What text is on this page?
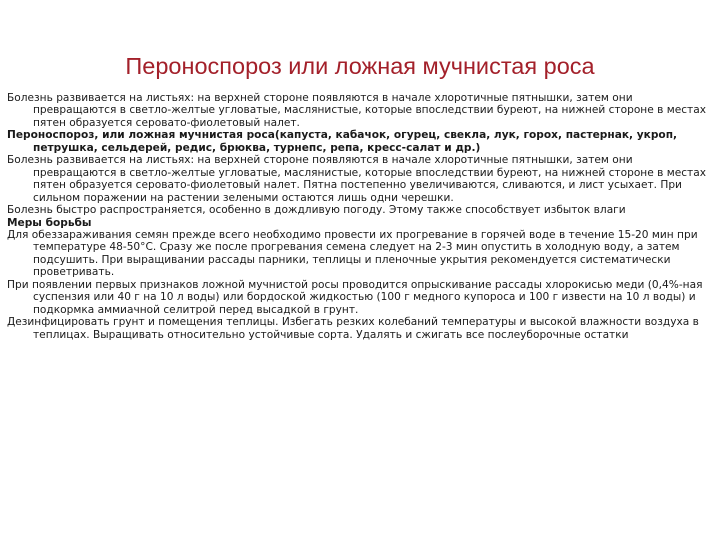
Пероноспороз или ложная мучнистая роса

Болезнь развивается на листьях: на верхней стороне появляются в начале хлоротичные пятнышки, затем они превращаются в светло-желтые угловатые, маслянистые, которые впоследствии буреют, на нижней стороне в местах пятен образуется серовато-фиолетовый налет.

Пероноспороз, или ложная мучнистая роса(капуста, кабачок, огурец, свекла, лук, горох, пастернак, укроп, петрушка, сельдерей, редис, брюква, турнепс, репа, кресс-салат и др.)

Болезнь развивается на листьях: на верхней стороне появляются в начале хлоротичные пятнышки, затем они превращаются в светло-желтые угловатые, маслянистые, которые впоследствии буреют, на нижней стороне в местах пятен образуется серовато-фиолетовый налет. Пятна постепенно увеличиваются, сливаются, и лист усыхает. При сильном поражении на растении зелеными остаются лишь одни черешки.

Болезнь быстро распространяется, особенно в дождливую погоду. Этому также способствует избыток влаги

Меры борьбы

Для обеззараживания семян прежде всего необходимо провести их прогревание в горячей воде в течение 15-20 мин при температуре 48-50°С. Сразу же после прогревания семена следует на 2-3 мин опустить в холодную воду, а затем подсушить. При выращивании рассады парники, теплицы и пленочные укрытия рекомендуется систематически проветривать.

При появлении первых признаков ложной мучнистой росы проводится опрыскивание рассады хлорокисью меди (0,4%-ная суспензия или 40 г на 10 л воды) или бордоской жидкостью (100 г медного купороса и 100 г извести на 10 л воды) и подкормка аммиачной селитрой перед высадкой в грунт.

Дезинфицировать грунт и помещения теплицы. Избегать резких колебаний температуры и высокой влажности воздуха в теплицах. Выращивать относительно устойчивые сорта. Удалять и сжигать все послеуборочные остатки
